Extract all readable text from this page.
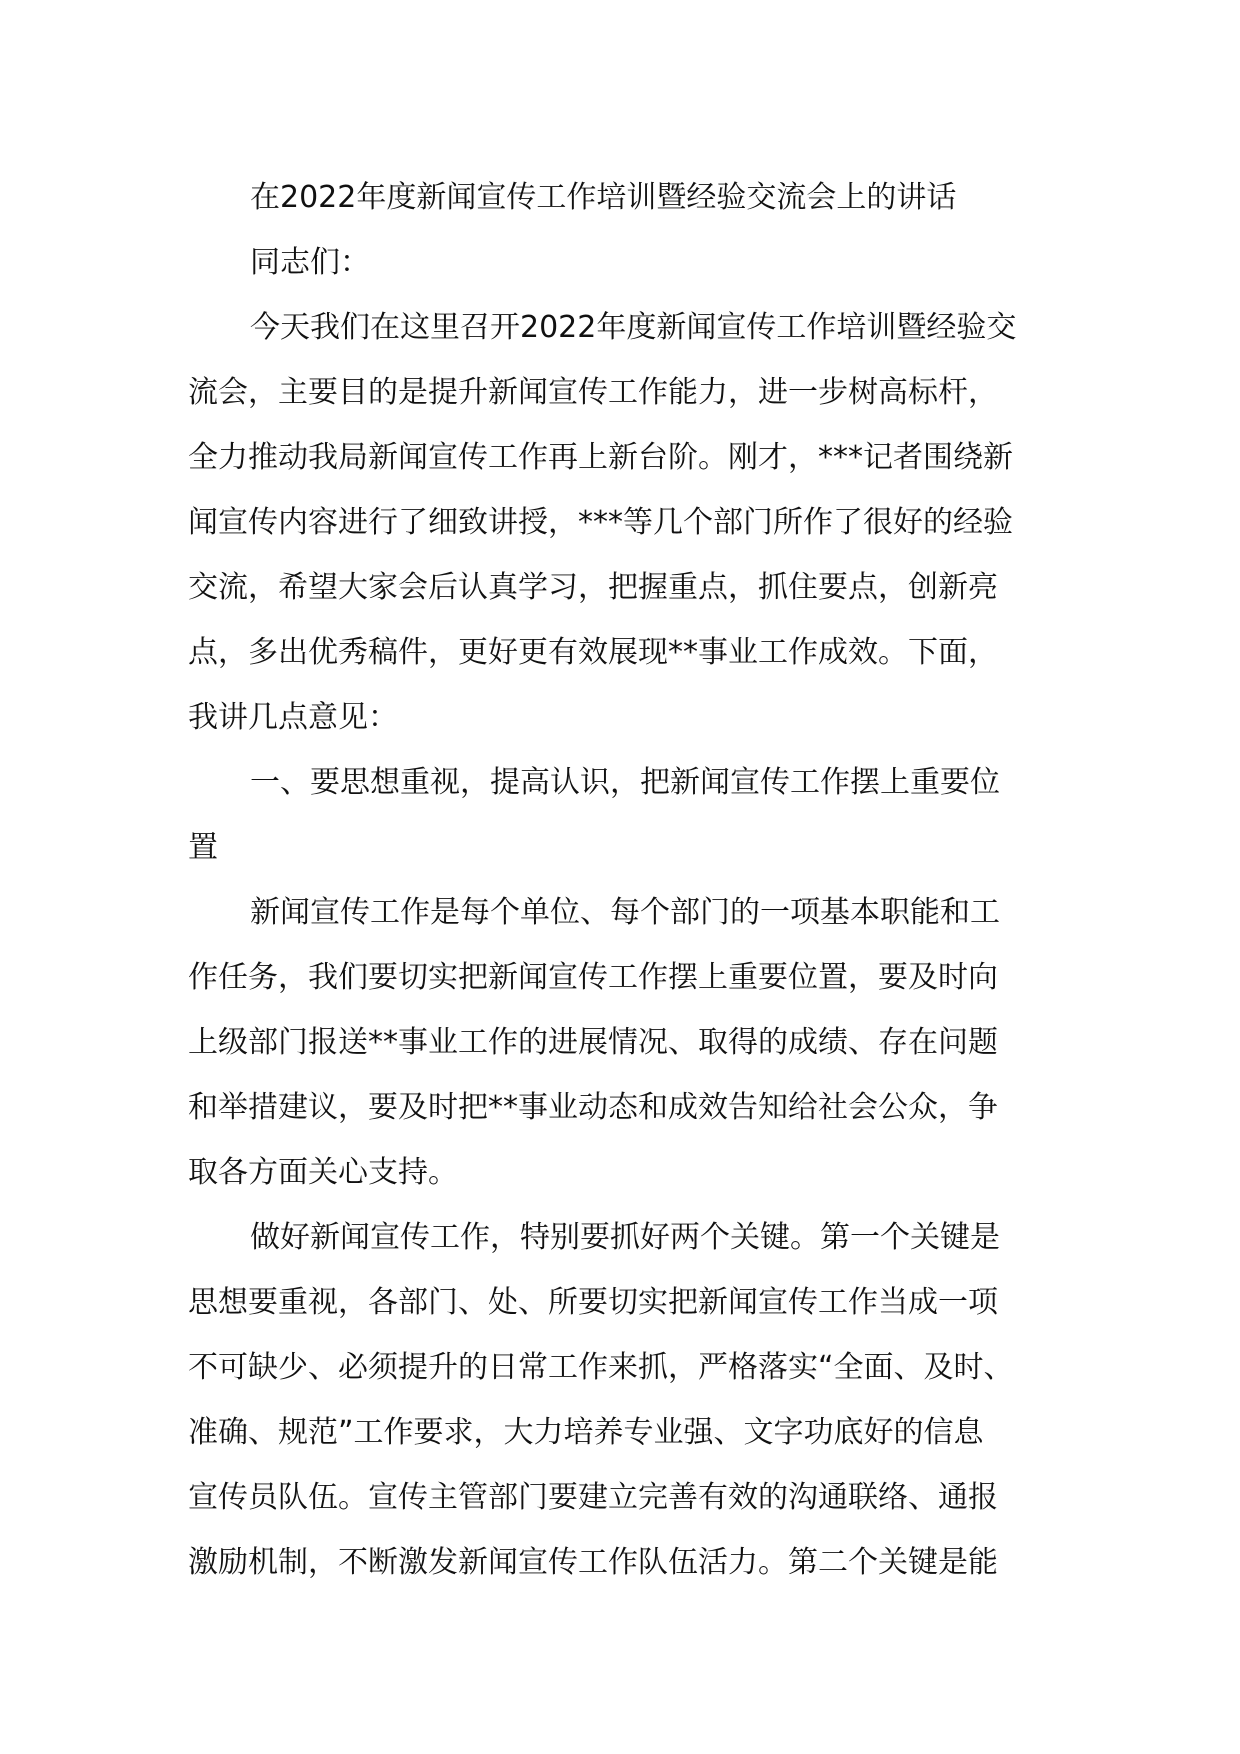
在2022年度新闻宣传工作培训暨经验交流会上的讲话
同志们：
今天我们在这里召开2022年度新闻宣传工作培训暨经验交
流会，主要目的是提升新闻宣传工作能力，进一步树高标杆，
全力推动我局新闻宣传工作再上新台阶。刚才，***记者围绕新
闻宣传内容进行了细致讲授，***等几个部门所作了很好的经验
交流，希望大家会后认真学习，把握重点，抓住要点，创新亮
点，多出优秀稿件，更好更有效展现**事业工作成效。下面，
我讲几点意见：
一、要思想重视，提高认识，把新闻宣传工作摆上重要位
置
新闻宣传工作是每个单位、每个部门的一项基本职能和工
作任务，我们要切实把新闻宣传工作摆上重要位置，要及时向
上级部门报送**事业工作的进展情况、取得的成绩、存在问题
和举措建议，要及时把**事业动态和成效告知给社会公众，争
取各方面关心支持。
做好新闻宣传工作，特别要抓好两个关键。第一个关键是
思想要重视，各部门、处、所要切实把新闻宣传工作当成一项
不可缺少、必须提升的日常工作来抓，严格落实“全面、及时、
准确、规范”工作要求，大力培养专业强、文字功底好的信息
宣传员队伍。宣传主管部门要建立完善有效的沟通联络、通报
激励机制，不断激发新闻宣传工作队伍活力。第二个关键是能
